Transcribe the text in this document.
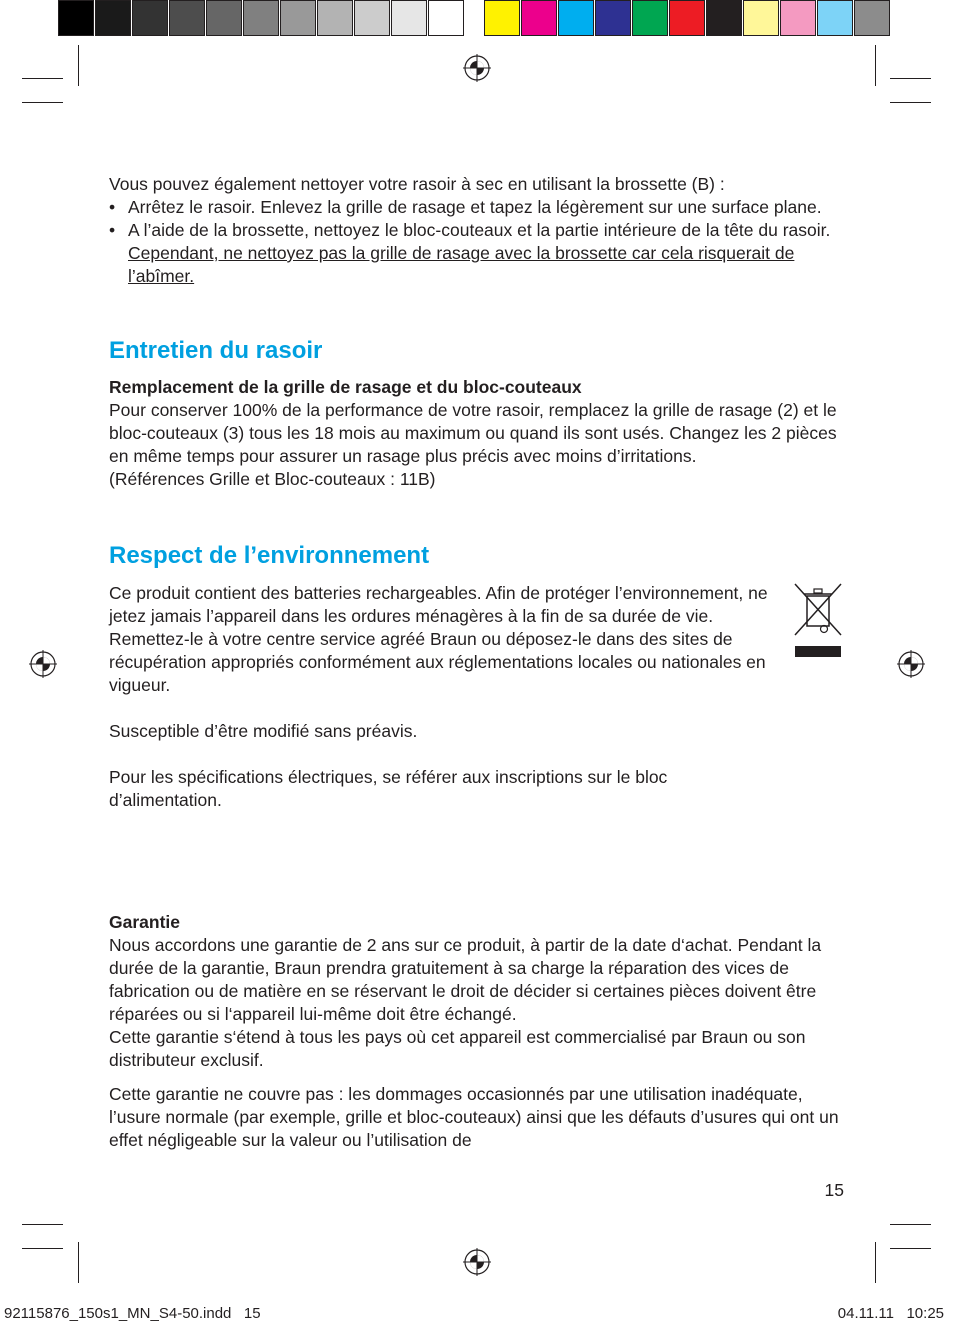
Vous pouvez également nettoyer votre rasoir à sec en utilisant la brossette (B) :

• Arrêtez le rasoir. Enlevez la grille de rasage et tapez la légèrement sur une surface plane.
• A l’aide de la brossette, nettoyez le bloc-couteaux et la partie intérieure de la tête du rasoir. Cependant, ne nettoyez pas la grille de rasage avec la brossette car cela risquerait de l’abîmer.
Entretien du rasoir

Remplacement de la grille de rasage et du bloc-couteaux

Pour conserver 100% de la performance de votre rasoir, remplacez la grille de rasage (2) et le bloc-couteaux (3) tous les 18 mois au maximum ou quand ils sont usés. Changez les 2 pièces en même temps pour assurer un rasage plus précis avec moins d’irritations.

(Références Grille et Bloc-couteaux : 11B)

Respect de l’environnement

Ce produit contient des batteries rechargeables. Afin de protéger l’environnement, ne jetez jamais l’appareil dans les ordures ménagères à la fin de sa durée de vie. Remettez-le à votre centre service agréé Braun ou déposez-le dans des sites de récupération appropriés conformément aux réglementations locales ou nationales en vigueur.

Susceptible d’être modifié sans préavis.

Pour les spécifications électriques, se référer aux inscriptions sur le bloc d’alimentation.

Garantie

Nous accordons une garantie de 2 ans sur ce produit, à partir de la date d‘achat. Pendant la durée de la garantie, Braun prendra gratuitement à sa charge la réparation des vices de fabrication ou de matière en se réservant le droit de décider si certaines pièces doivent être réparées ou si l‘appareil lui-même doit être échangé.

Cette garantie s‘étend à tous les pays où cet appareil est commercialisé par Braun ou son distributeur exclusif.

Cette garantie ne couvre pas : les dommages occasionnés par une utilisation inadéquate, l’usure normale (par exemple, grille et bloc-couteaux) ainsi que les défauts d’usures qui ont un effet négligeable sur la valeur ou l’utilisation de

15
92115876_150s1_MN_S4-50.indd   15	04.11.11   10:25
